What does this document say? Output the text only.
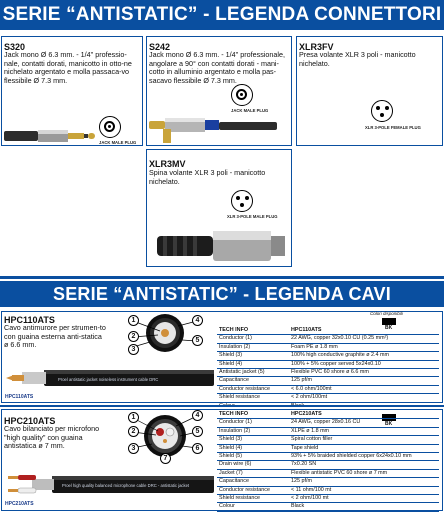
SERIE “ANTISTATIC” - LEGENDA CONNETTORI
S320
Jack mono Ø 6.3 mm. - 1/4" professio-nale, contatti dorati, manicotto in otto-ne nichelato argentato e molla passaca-vo flessibile Ø 7.3 mm.
JACK MALE PLUG
S242
Jack mono Ø 6.3 mm. - 1/4" professionale, angolare a 90° con contatti dorati - mani-cotto in alluminio argentato e molla pas-sacavo flessibile Ø 7.3 mm.
JACK MALE PLUG
XLR3FV
Presa volante XLR 3 poli - manicotto nichelato.
XLR 3-POLE FEMALE PLUG
XLR3MV
Spina volante XLR 3 poli - manicotto nichelato.
XLR 3-POLE MALE PLUG
SERIE “ANTISTATIC” - LEGENDA CAVI
HPC110ATS
Cavo antimurore per strumen-to con guaina esterna anti-statica ø 6.6 mm.
1
2
3
4
5
Proel antistatic jacket noiseless instrument cable DRC
HPC110ATS
Colori disponibili
BK
TECH INFO	HPC110ATS
Conductor (1)	22 AWG, copper 32x0.10 CU (0.25 mm²)
Insulation (2)	Foam PE ø 1.8 mm
Shield (3)	100% high conductive graphite ø 2.4 mm
Shield (4)	100% + 5% copper served 5x24x0.10
Antistatic jacket (5)	Flexible PVC 60 shore ø 6.6 mm
Capacitance	125 pf/m
Conductor resistance	< 6.0 ohm/100mt
Shield resistance	< 2 ohm/100mt

HPC210ATS
Cavo bilanciato per microfono "high quality" con guaina antistatica ø 7 mm.
1
2
3
4
5
6
7
Proel high quality balanced microphone cable DRC - antistatic jacket
HPC210ATS
BK
TECH INFO	HPC210ATS
Conductor (1)	24 AWG, copper 28x0.16 CU
Insulation (2)	XLPE ø 1.8 mm
Shield (3)	Spiral cotton filler
Shield (4)	Tape shield
Shield (5)	93% + 5% braided shielded copper 6x24x0.10 mm
Drain wire (6)	7x0.20 SN
Jacket (7)	Flexible antistatic PVC 60 shore ø 7 mm
Capacitance	125 pf/m
Conductor resistance	< 11 ohm/100 mt
Shield resistance	< 2 ohm/100 mt
Colour	Black
